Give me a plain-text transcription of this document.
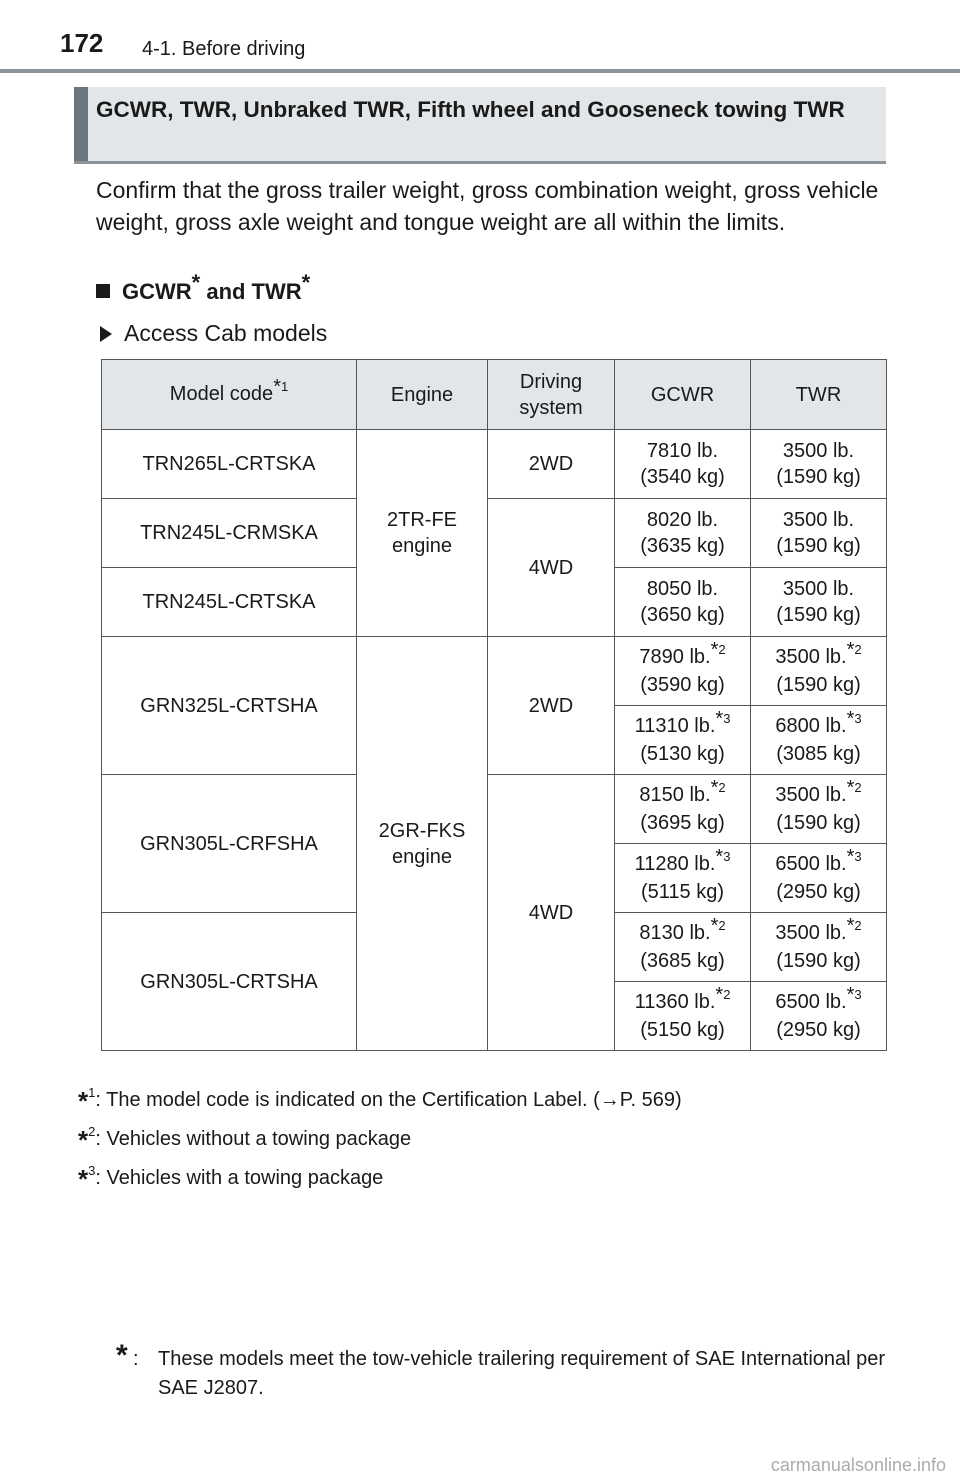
172 4-1. Before driving
GCWR, TWR, Unbraked TWR, Fifth wheel and Gooseneck towing TWR
Confirm that the gross trailer weight, gross combination weight, gross vehicle weight, gross axle weight and tongue weight are all within the limits.
GCWR* and TWR*
Access Cab models
Model code*$^1$	Engine	Driving
system	GCWR	TWR
TRN265L-CRTSKA	2TR-FE
engine	2WD	7810 lb.
(3540 kg)	3500 lb.
(1590 kg)
TRN245L-CRMSKA		4WD	8020 lb.
(3635 kg)	3500 lb.
(1590 kg)
TRN245L-CRTSKA			8050 lb.
(3650 kg)	3500 lb.
(1590 kg)
GRN325L-CRTSHA	2GR-FKS
engine	2WD	7890 lb.*$^2$
(3590 kg)	3500 lb.*$^2$
(1590 kg)
			11310 lb.*$^3$
(5130 kg)	6800 lb.*$^3$
(3085 kg)
GRN305L-CRFSHA		4WD	8150 lb.*$^2$
(3695 kg)	3500 lb.*$^2$
(1590 kg)
			11280 lb.*$^3$
(5115 kg)	6500 lb.*$^3$
(2950 kg)
GRN305L-CRTSHA			8130 lb.*$^2$
(3685 kg)	3500 lb.*$^2$
(1590 kg)
			11360 lb.*$^2$
(5150 kg)	6500 lb.*$^3$
(2950 kg)
*$^1$: The model code is indicated on the Certification Label. (→P. 569)
*$^2$: Vehicles without a towing package
*$^3$: Vehicles with a towing package
* : These models meet the tow-vehicle trailering requirement of SAE International per SAE J2807.
carmanualsonline.info
